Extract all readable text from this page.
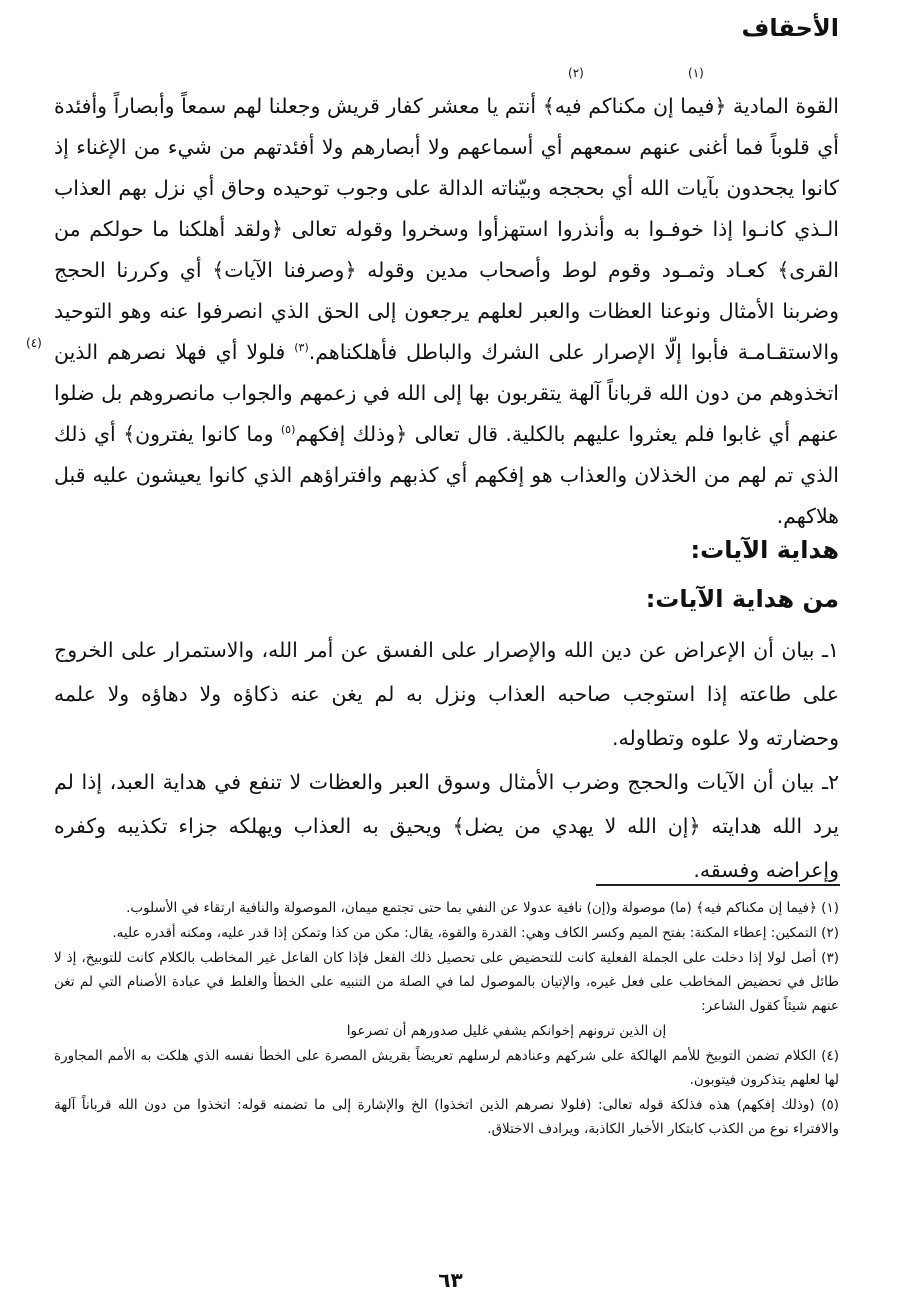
الأحقاف
(١)
(٢)

القوة المادية ﴿فيما إن مكناكم فيه﴾ أنتم يا معشر كفار قريش وجعلنا لهم سمعاً وأبصاراً وأفئدة أي قلوباً فما أغنى عنهم سمعهم أي أسماعهم ولا أبصارهم ولا أفئدتهم من شيء من الإغناء إذ كانوا يجحدون بآيات الله أي بحججه وبيّناته الدالة على وجوب توحيده وحاق أي نزل بهم العذاب الـذي كانـوا إذا خوفـوا به وأنذروا استهزأوا وسخروا وقوله تعالى ﴿ولقد أهلكنا ما حولكم من القرى﴾ كعـاد وثمـود وقوم لوط وأصحاب مدين وقوله ﴿وصرفنا الآيات﴾ أي وكررنا الحجج وضربنا الأمثال ونوعنا العظات والعبر لعلهم يرجعون إلى الحق الذي انصرفوا عنه وهو التوحيد والاستقـامـة فأبوا إلّا الإصرار على الشرك والباطل فأهلكناهم.$^{(٣)}$ فلولا أي فهلا نصرهم الذين اتخذوهم من دون الله قرباناً آلهة يتقربون بها إلى الله في زعمهم والجواب مانصروهم بل ضلوا عنهم أي غابوا فلم يعثروا عليهم بالكلية. قال تعالى ﴿وذلك إفكهم$^{(٥)}$ وما كانوا يفترون﴾ أي ذلك الذي تم لهم من الخذلان والعذاب هو إفكهم أي كذبهم وافتراؤهم الذي كانوا يعيشون عليه قبل هلاكهم.

(٤)
هداية الآيات:
من هداية الآيات:

١ـ بيان أن الإعراض عن دين الله والإصرار على الفسق عن أمر الله، والاستمرار على الخروج على طاعته إذا استوجب صاحبه العذاب ونزل به لم يغن عنه ذكاؤه ولا دهاؤه ولا علمه وحضارته ولا علوه وتطاوله.

٢ـ بيان أن الآيات والحجج وضرب الأمثال وسوق العبر والعظات لا تنفع في هداية العبد، إذا لم يرد الله هدايته ﴿إن الله لا يهدي من يضل﴾ ويحيق به العذاب ويهلكه جزاء تكذيبه وكفره وإعراضه وفسقه.

(١) ﴿فيما إن مكناكم فيه﴾ (ما) موصولة و(إن) نافية عدولا عن النفي بما حتى تجتمع ميمان، الموصولة والنافية ارتقاء في الأسلوب.

(٢) التمكين: إعطاء المكنة: بفتح الميم وكسر الكاف وهي: القدرة والقوة، يقال: مكن من كذا وتمكن إذا قدر عليه، ومكنه أقدره عليه.

(٣) أصل لولا إذا دخلت على الجملة الفعلية كانت للتحضيض على تحصيل ذلك الفعل فإذا كان الفاعل غير المخاطب بالكلام كانت للتوبيخ، إذ لا طائل في تحضيض المخاطب على فعل غيره، والإتيان بالموصول لما في الصلة من التنبيه على الخطأ والغلط في عبادة الأصنام التي لم تغن عنهم شيئاً كقول الشاعر:

إن الذين ترونهم إخوانكم يشفي غليل صدورهم أن تصرعوا

(٤) الكلام تضمن التوبيخ للأمم الهالكة على شركهم وعنادهم لرسلهم تعريضاً بقريش المصرة على الخطأ نفسه الذي هلكت به الأمم المجاورة لها لعلهم يتذكرون فيتوبون.

(٥) (وذلك إفكهم) هذه فذلكة قوله تعالى: (فلولا نصرهم الذين اتخذوا) الخ والإشارة إلى ما تضمنه قوله: اتخذوا من دون الله قرباناً آلهة والافتراء نوع من الكذب كابتكار الأخبار الكاذبة، ويرادف الاختلاق.

٦٣
